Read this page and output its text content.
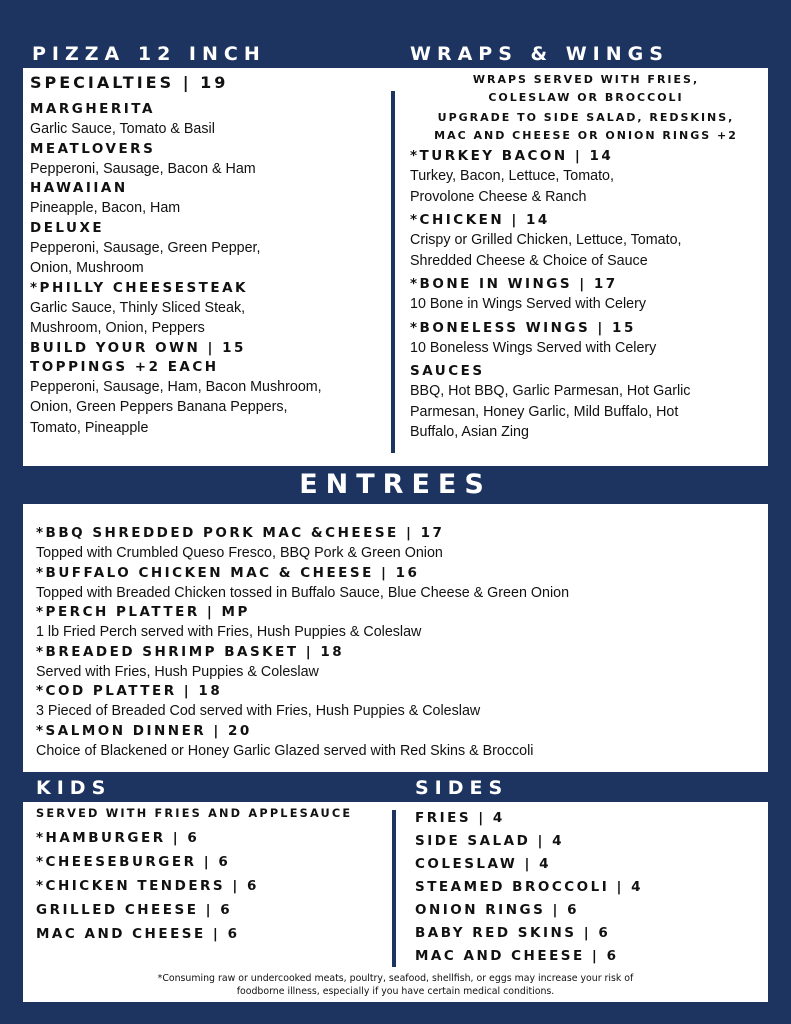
PIZZA 12 INCH	WRAPS & WINGS
SPECIALTIES | 19
MARGHERITA
Garlic Sauce, Tomato & Basil
MEATLOVERS
Pepperoni, Sausage, Bacon & Ham
HAWAIIAN
Pineapple, Bacon, Ham
DELUXE
Pepperoni, Sausage, Green Pepper,
Onion, Mushroom
*PHILLY CHEESESTEAK
Garlic Sauce, Thinly Sliced Steak,
Mushroom, Onion, Peppers
BUILD YOUR OWN | 15
TOPPINGS +2 EACH
Pepperoni, Sausage, Ham, Bacon Mushroom,
Onion, Green Peppers Banana Peppers,
Tomato, Pineapple
WRAPS SERVED WITH FRIES,
COLESLAW OR BROCCOLI
UPGRADE TO SIDE SALAD, REDSKINS,
MAC AND CHEESE OR ONION RINGS +2
*TURKEY BACON | 14
Turkey, Bacon, Lettuce, Tomato,
Provolone Cheese & Ranch
*CHICKEN | 14
Crispy or Grilled Chicken, Lettuce, Tomato,
Shredded Cheese & Choice of Sauce
*BONE IN WINGS | 17
10 Bone in Wings Served with Celery
*BONELESS WINGS | 15
10 Boneless Wings Served with Celery
SAUCES
BBQ, Hot BBQ, Garlic Parmesan, Hot Garlic
Parmesan, Honey Garlic, Mild Buffalo, Hot
Buffalo, Asian Zing
ENTREES
*BBQ SHREDDED PORK MAC &CHEESE | 17
Topped with Crumbled Queso Fresco, BBQ Pork & Green Onion
*BUFFALO CHICKEN MAC & CHEESE | 16
Topped with Breaded Chicken tossed in Buffalo Sauce, Blue Cheese & Green Onion
*PERCH PLATTER | MP
1 lb Fried Perch served with Fries, Hush Puppies & Coleslaw
*BREADED SHRIMP BASKET | 18
Served with Fries, Hush Puppies & Coleslaw
*COD PLATTER | 18
3 Pieced of Breaded Cod served with Fries, Hush Puppies & Coleslaw
*SALMON DINNER | 20
Choice of Blackened or Honey Garlic Glazed served with Red Skins & Broccoli
KIDS	SIDES
SERVED WITH FRIES AND APPLESAUCE
*HAMBURGER | 6
*CHEESEBURGER | 6
*CHICKEN TENDERS | 6
GRILLED CHEESE | 6
MAC AND CHEESE | 6
FRIES | 4
SIDE SALAD | 4
COLESLAW | 4
STEAMED BROCCOLI | 4
ONION RINGS | 6
BABY RED SKINS | 6
MAC AND CHEESE | 6
*Consuming raw or undercooked meats, poultry, seafood, shellfish, or eggs may increase your risk of
foodborne illness, especially if you have certain medical conditions.
